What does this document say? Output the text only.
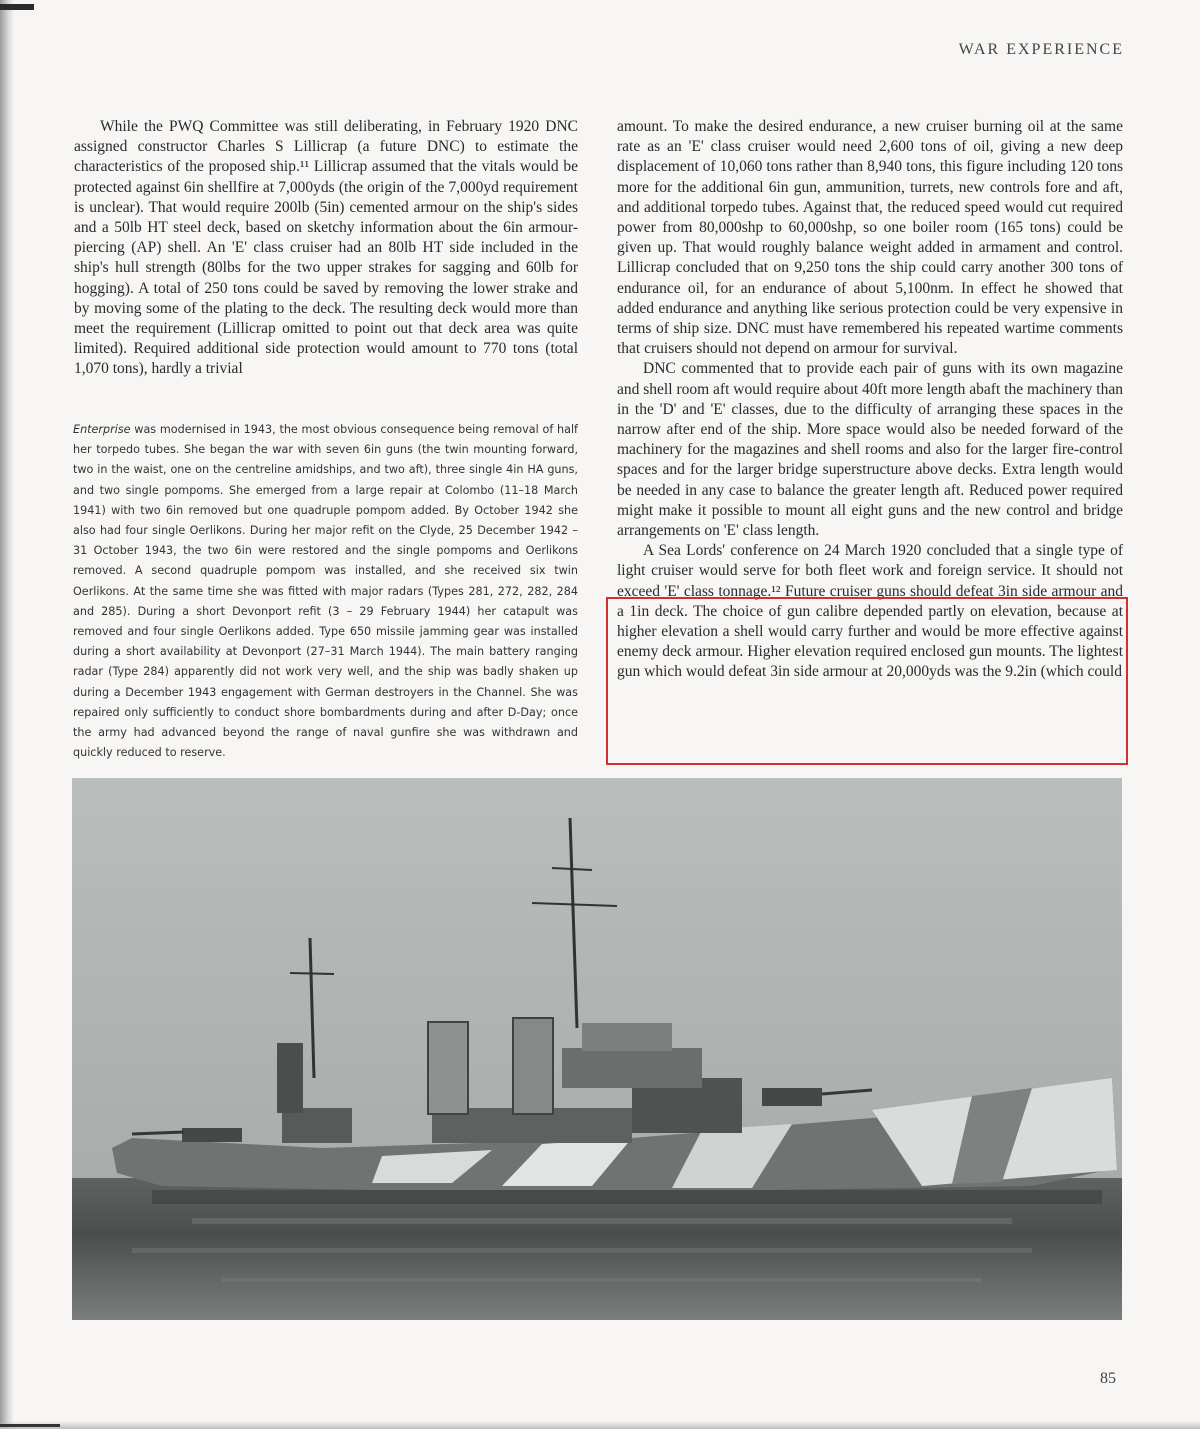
WAR EXPERIENCE

While the PWQ Committee was still deliberating, in February 1920 DNC assigned constructor Charles S Lillicrap (a future DNC) to estimate the characteristics of the proposed ship.¹¹ Lillicrap assumed that the vitals would be protected against 6in shellfire at 7,000yds (the origin of the 7,000yd requirement is unclear). That would require 200lb (5in) cemented armour on the ship's sides and a 50lb HT steel deck, based on sketchy information about the 6in armour-piercing (AP) shell. An 'E' class cruiser had an 80lb HT side included in the ship's hull strength (80lbs for the two upper strakes for sagging and 60lb for hogging). A total of 250 tons could be saved by removing the lower strake and by moving some of the plating to the deck. The resulting deck would more than meet the requirement (Lillicrap omitted to point out that deck area was quite limited). Required additional side protection would amount to 770 tons (total 1,070 tons), hardly a trivial

Enterprise was modernised in 1943, the most obvious consequence being removal of half her torpedo tubes. She began the war with seven 6in guns (the twin mounting forward, two in the waist, one on the centreline amidships, and two aft), three single 4in HA guns, and two single pompoms. She emerged from a large repair at Colombo (11–18 March 1941) with two 6in removed but one quadruple pompom added. By October 1942 she also had four single Oerlikons. During her major refit on the Clyde, 25 December 1942 – 31 October 1943, the two 6in were restored and the single pompoms and Oerlikons removed. A second quadruple pompom was installed, and she received six twin Oerlikons. At the same time she was fitted with major radars (Types 281, 272, 282, 284 and 285). During a short Devonport refit (3 – 29 February 1944) her catapult was removed and four single Oerlikons added. Type 650 missile jamming gear was installed during a short availability at Devonport (27–31 March 1944). The main battery ranging radar (Type 284) apparently did not work very well, and the ship was badly shaken up during a December 1943 engagement with German destroyers in the Channel. She was repaired only sufficiently to conduct shore bombardments during and after D-Day; once the army had advanced beyond the range of naval gunfire she was withdrawn and quickly reduced to reserve.

amount. To make the desired endurance, a new cruiser burning oil at the same rate as an 'E' class cruiser would need 2,600 tons of oil, giving a new deep displacement of 10,060 tons rather than 8,940 tons, this figure including 120 tons more for the additional 6in gun, ammunition, turrets, new controls fore and aft, and additional torpedo tubes. Against that, the reduced speed would cut required power from 80,000shp to 60,000shp, so one boiler room (165 tons) could be given up. That would roughly balance weight added in armament and control. Lillicrap concluded that on 9,250 tons the ship could carry another 300 tons of endurance oil, for an endurance of about 5,100nm. In effect he showed that added endurance and anything like serious protection could be very expensive in terms of ship size. DNC must have remembered his repeated wartime comments that cruisers should not depend on armour for survival.

DNC commented that to provide each pair of guns with its own magazine and shell room aft would require about 40ft more length abaft the machinery than in the 'D' and 'E' classes, due to the difficulty of arranging these spaces in the narrow after end of the ship. More space would also be needed forward of the machinery for the magazines and shell rooms and also for the larger fire-control spaces and for the larger bridge superstructure above decks. Extra length would be needed in any case to balance the greater length aft. Reduced power required might make it possible to mount all eight guns and the new control and bridge arrangements on 'E' class length.

A Sea Lords' conference on 24 March 1920 concluded that a single type of light cruiser would serve for both fleet work and foreign service. It should not exceed 'E' class tonnage.¹² Future cruiser guns should defeat 3in side armour and a 1in deck. The choice of gun calibre depended partly on elevation, because at higher elevation a shell would carry further and would be more effective against enemy deck armour. Higher elevation required enclosed gun mounts. The lightest gun which would defeat 3in side armour at 20,000yds was the 9.2in (which could

85
